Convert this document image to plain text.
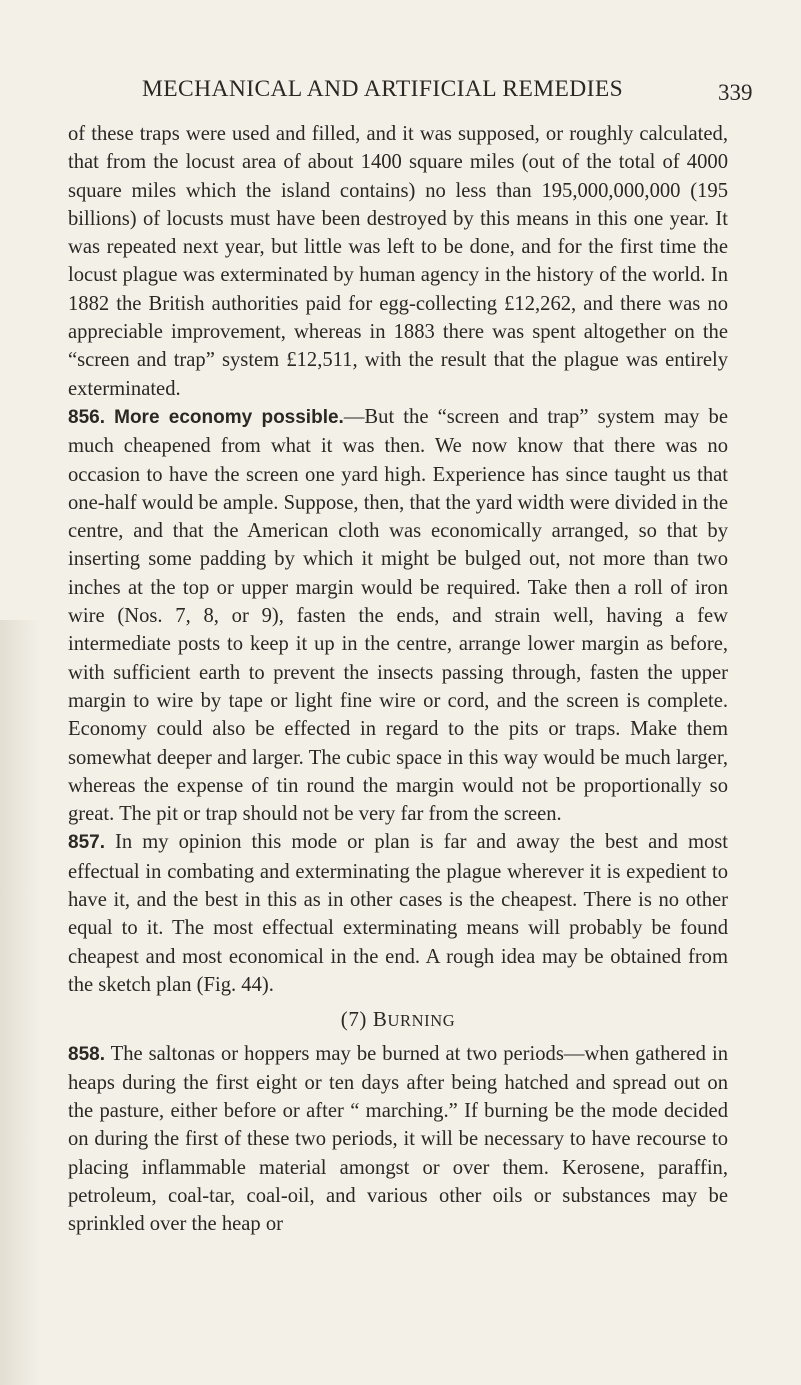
MECHANICAL AND ARTIFICIAL REMEDIES	339

of these traps were used and filled, and it was supposed, or roughly calculated, that from the locust area of about 1400 square miles (out of the total of 4000 square miles which the island contains) no less than 195,000,000,000 (195 billions) of locusts must have been destroyed by this means in this one year. It was repeated next year, but little was left to be done, and for the first time the locust plague was exterminated by human agency in the history of the world. In 1882 the British authorities paid for egg-collecting £12,262, and there was no appreciable improvement, whereas in 1883 there was spent altogether on the “screen and trap” system £12,511, with the result that the plague was entirely exterminated.

856. More economy possible.—But the “screen and trap” system may be much cheapened from what it was then. We now know that there was no occasion to have the screen one yard high. Experience has since taught us that one-half would be ample. Suppose, then, that the yard width were divided in the centre, and that the American cloth was economically arranged, so that by inserting some padding by which it might be bulged out, not more than two inches at the top or upper margin would be required. Take then a roll of iron wire (Nos. 7, 8, or 9), fasten the ends, and strain well, having a few intermediate posts to keep it up in the centre, arrange lower margin as before, with sufficient earth to prevent the insects passing through, fasten the upper margin to wire by tape or light fine wire or cord, and the screen is complete. Economy could also be effected in regard to the pits or traps. Make them somewhat deeper and larger. The cubic space in this way would be much larger, whereas the expense of tin round the margin would not be proportionally so great. The pit or trap should not be very far from the screen.

857. In my opinion this mode or plan is far and away the best and most effectual in combating and exterminating the plague wherever it is expedient to have it, and the best in this as in other cases is the cheapest. There is no other equal to it. The most effectual exterminating means will probably be found cheapest and most economical in the end. A rough idea may be obtained from the sketch plan (Fig. 44).

(7) BURNING

858. The saltonas or hoppers may be burned at two periods—when gathered in heaps during the first eight or ten days after being hatched and spread out on the pasture, either before or after “ marching.” If burning be the mode decided on during the first of these two periods, it will be necessary to have recourse to placing inflammable material amongst or over them. Kerosene, paraffin, petroleum, coal-tar, coal-oil, and various other oils or substances may be sprinkled over the heap or
